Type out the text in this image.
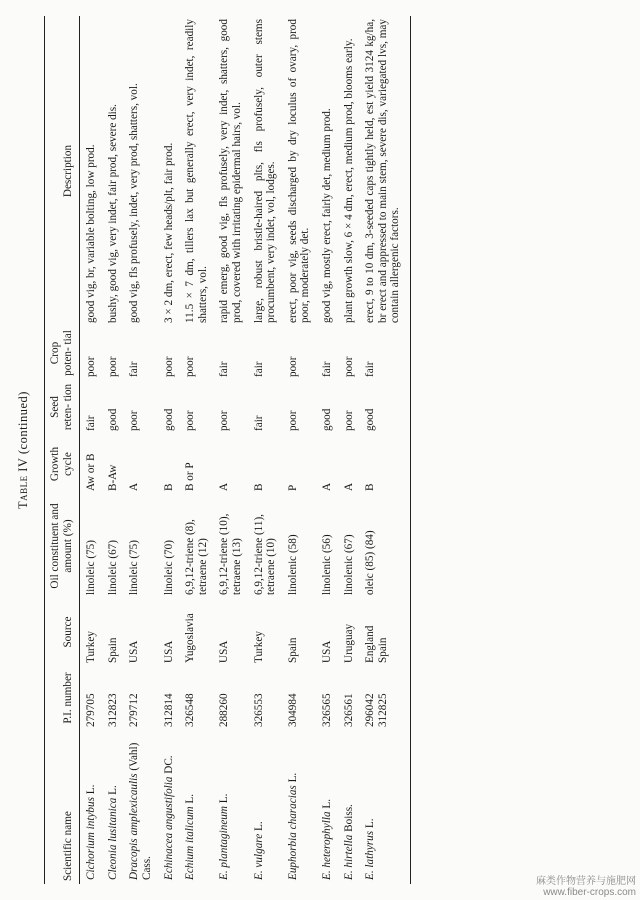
Table IV (continued)
Scientific name	P.I. number	Source	Oil constituent and amount (%)	Growth cycle	Seed reten- tion	Crop poten- tial	Description
Cichorium intybus L.	279705	Turkey	linoleic (75)	Aw or B	fair	poor	good vig, br, variable bolting, low prod.
Cleonia lusitanica L.	312823	Spain	linoleic (67)	B-Aw	good	poor	bushy, good vig, very indet, fair prod, severe dis.
Dracopis amplexicaulis (Vahl) Cass.	279712	USA	linoleic (75)	A	poor	fair	good vig, fls profusely, indet, very prod, shatters, vol.
Echinacea angustifolia DC.	312814	USA	linoleic (70)	B	good	poor	3 × 2 dm, erect, few heads/plt, fair prod.
Echium italicum L.	326548	Yugoslavia	6,9,12-triene (8), tetraene (12)	B or P	poor	poor	11.5 × 7 dm, tillers lax but generally erect, very indet, readily shatters, vol.
E. plantagineum L.	288260	USA	6,9,12-triene (10), tetraene (13)	A	poor	fair	rapid emerg, good vig, fls profusely, very indet, shatters, good prod, covered with irritating epidermal hairs, vol.
E. vulgare L.	326553	Turkey	6,9,12-triene (11), tetraene (10)	B	fair	fair	large, robust bristle-haired plts, fls profusely, outer stems procumbent, very indet, vol, lodges.
Euphorbia characias L.	304984	Spain	linolenic (58)	P	poor	poor	erect, poor vig, seeds discharged by dry loculus of ovary, prod poor, moderately det.
E. heterophylla L.	326565	USA	linolenic (56)	A	good	fair	good vig, mostly erect, fairly det, medium prod.
E. hirtella Boiss.	326561	Uruguay	linolenic (67)	A	poor	poor	plant growth slow, 6 × 4 dm, erect, medium prod, blooms early.
E. lathyrus L.	296042 312825	England Spain	oleic (85) (84)	B	good	fair	erect, 9 to 10 dm, 3-seeded caps tightly held, est yield 3124 kg/ha, br erect and appressed to main stem, severe dis, variegated lvs, may contain allergenic factors.
麻类作物营养与施肥网
www.fiber-crops.com
